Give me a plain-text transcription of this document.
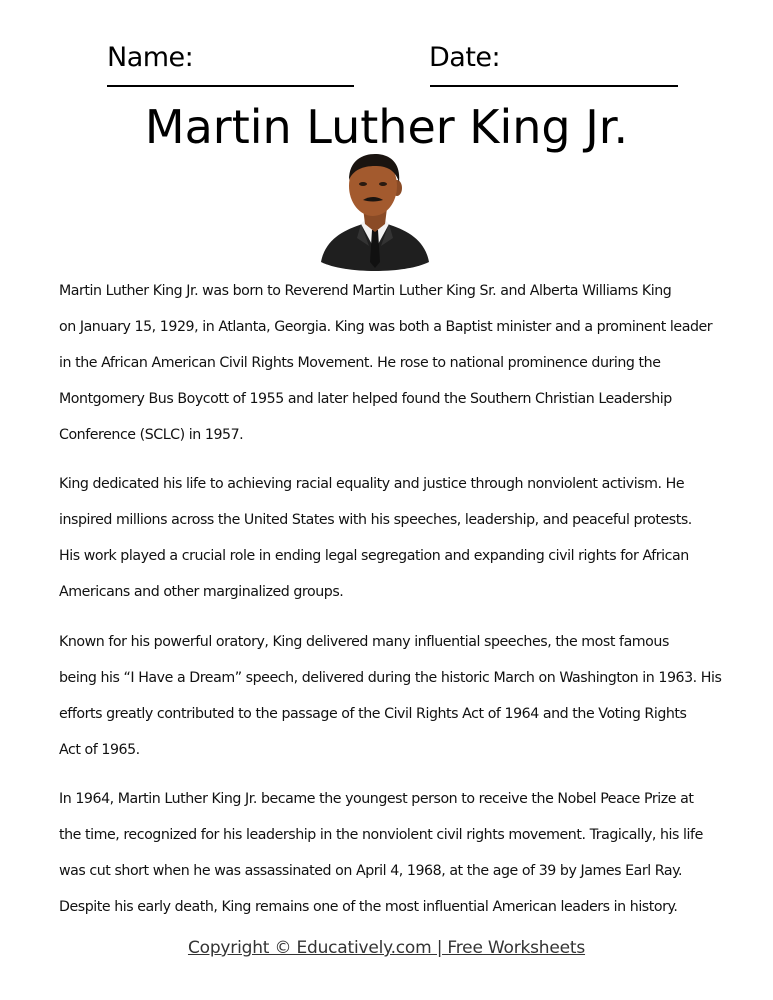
Name:	Date:
Martin Luther King Jr.
Martin Luther King Jr. was born to Reverend Martin Luther King Sr. and Alberta Williams King
on January 15, 1929, in Atlanta, Georgia. King was both a Baptist minister and a prominent leader
in the African American Civil Rights Movement. He rose to national prominence during the
Montgomery Bus Boycott of 1955 and later helped found the Southern Christian Leadership
Conference (SCLC) in 1957.
King dedicated his life to achieving racial equality and justice through nonviolent activism. He
inspired millions across the United States with his speeches, leadership, and peaceful protests.
His work played a crucial role in ending legal segregation and expanding civil rights for African
Americans and other marginalized groups.
Known for his powerful oratory, King delivered many influential speeches, the most famous
being his “I Have a Dream” speech, delivered during the historic March on Washington in 1963. His
efforts greatly contributed to the passage of the Civil Rights Act of 1964 and the Voting Rights
Act of 1965.
In 1964, Martin Luther King Jr. became the youngest person to receive the Nobel Peace Prize at
the time, recognized for his leadership in the nonviolent civil rights movement. Tragically, his life
was cut short when he was assassinated on April 4, 1968, at the age of 39 by James Earl Ray.
Despite his early death, King remains one of the most influential American leaders in history.
Copyright © Educatively.com | Free Worksheets
